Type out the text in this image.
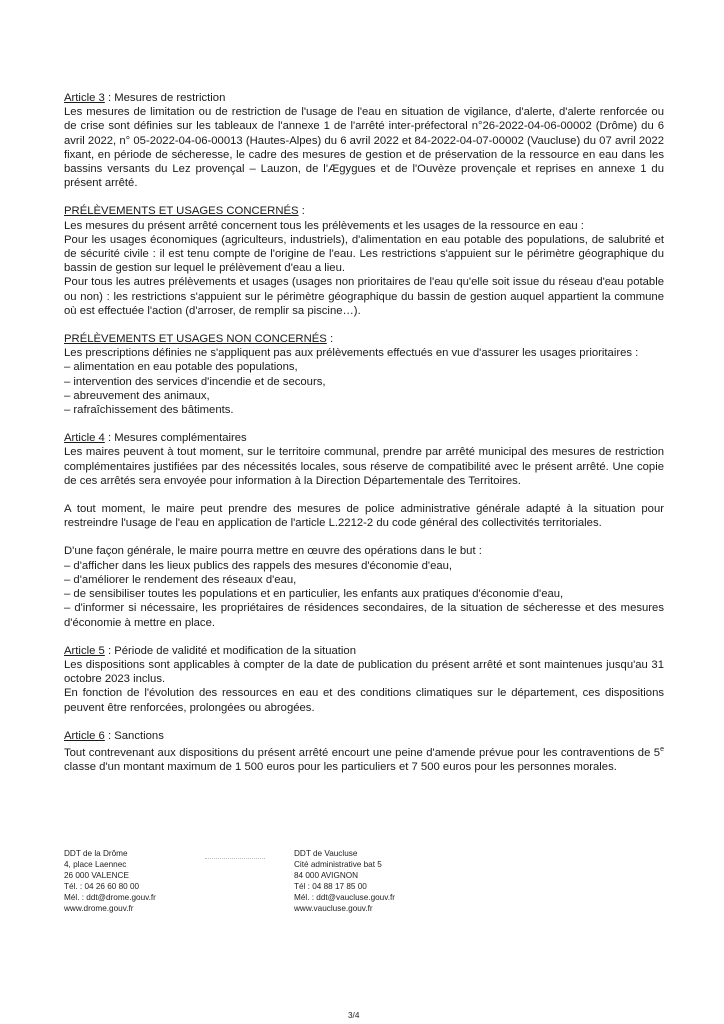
Article 3 : Mesures de restriction

Les mesures de limitation ou de restriction de l'usage de l'eau en situation de vigilance, d'alerte, d'alerte renforcée ou de crise sont définies sur les tableaux de l'annexe 1 de l'arrêté inter-préfectoral n°26-2022-04-06-00002 (Drôme) du 6 avril 2022, n° 05-2022-04-06-00013 (Hautes-Alpes) du 6 avril 2022 et 84-2022-04-07-00002 (Vaucluse) du 07 avril 2022 fixant, en période de sécheresse, le cadre des mesures de gestion et de préservation de la ressource en eau dans les bassins versants du Lez provençal – Lauzon, de l'Ægygues et de l'Ouvèze provençale et reprises en annexe 1 du présent arrêté.

PRÉLÈVEMENTS ET USAGES CONCERNÉS :

Les mesures du présent arrêté concernent tous les prélèvements et les usages de la ressource en eau :

Pour les usages économiques (agriculteurs, industriels), d'alimentation en eau potable des populations, de salubrité et de sécurité civile : il est tenu compte de l'origine de l'eau. Les restrictions s'appuient sur le périmètre géographique du bassin de gestion sur lequel le prélèvement d'eau a lieu.

Pour tous les autres prélèvements et usages (usages non prioritaires de l'eau qu'elle soit issue du réseau d'eau potable ou non) : les restrictions s'appuient sur le périmètre géographique du bassin de gestion auquel appartient la commune où est effectuée l'action (d'arroser, de remplir sa piscine…).

PRÉLÈVEMENTS ET USAGES NON CONCERNÉS :

Les prescriptions définies ne s'appliquent pas aux prélèvements effectués en vue d'assurer les usages prioritaires :

– alimentation en eau potable des populations,
– intervention des services d'incendie et de secours,
– abreuvement des animaux,
– rafraîchissement des bâtiments.
Article 4 : Mesures complémentaires

Les maires peuvent à tout moment, sur le territoire communal, prendre par arrêté municipal des mesures de restriction complémentaires justifiées par des nécessités locales, sous réserve de compatibilité avec le présent arrêté. Une copie de ces arrêtés sera envoyée pour information à la Direction Départementale des Territoires.

A tout moment, le maire peut prendre des mesures de police administrative générale adapté à la situation pour restreindre l'usage de l'eau en application de l'article L.2212-2 du code général des collectivités territoriales.

D'une façon générale, le maire pourra mettre en œuvre des opérations dans le but :

– d'afficher dans les lieux publics des rappels des mesures d'économie d'eau,

– d'améliorer le rendement des réseaux d'eau,

– de sensibiliser toutes les populations et en particulier, les enfants aux pratiques d'économie d'eau,

– d'informer si nécessaire, les propriétaires de résidences secondaires, de la situation de sécheresse et des mesures d'économie à mettre en place.

Article 5 : Période de validité et modification de la situation

Les dispositions sont applicables à compter de la date de publication du présent arrêté et sont maintenues jusqu'au 31 octobre 2023 inclus.

En fonction de l'évolution des ressources en eau et des conditions climatiques sur le département, ces dispositions peuvent être renforcées, prolongées ou abrogées.

Article 6 : Sanctions

Tout contrevenant aux dispositions du présent arrêté encourt une peine d'amende prévue pour les contraventions de 5e classe d'un montant maximum de 1 500 euros pour les particuliers et 7 500 euros pour les personnes morales.

DDT de la Drôme
4, place Laennec
26 000 VALENCE
Tél. : 04 26 60 80 00
Mél. : ddt@drome.gouv.fr
www.drome.gouv.fr
DDT de Vaucluse
Cité administrative bat 5
84 000 AVIGNON
Tél : 04 88 17 85 00
Mél. : ddt@vaucluse.gouv.fr
www.vaucluse.gouv.fr
3/4
